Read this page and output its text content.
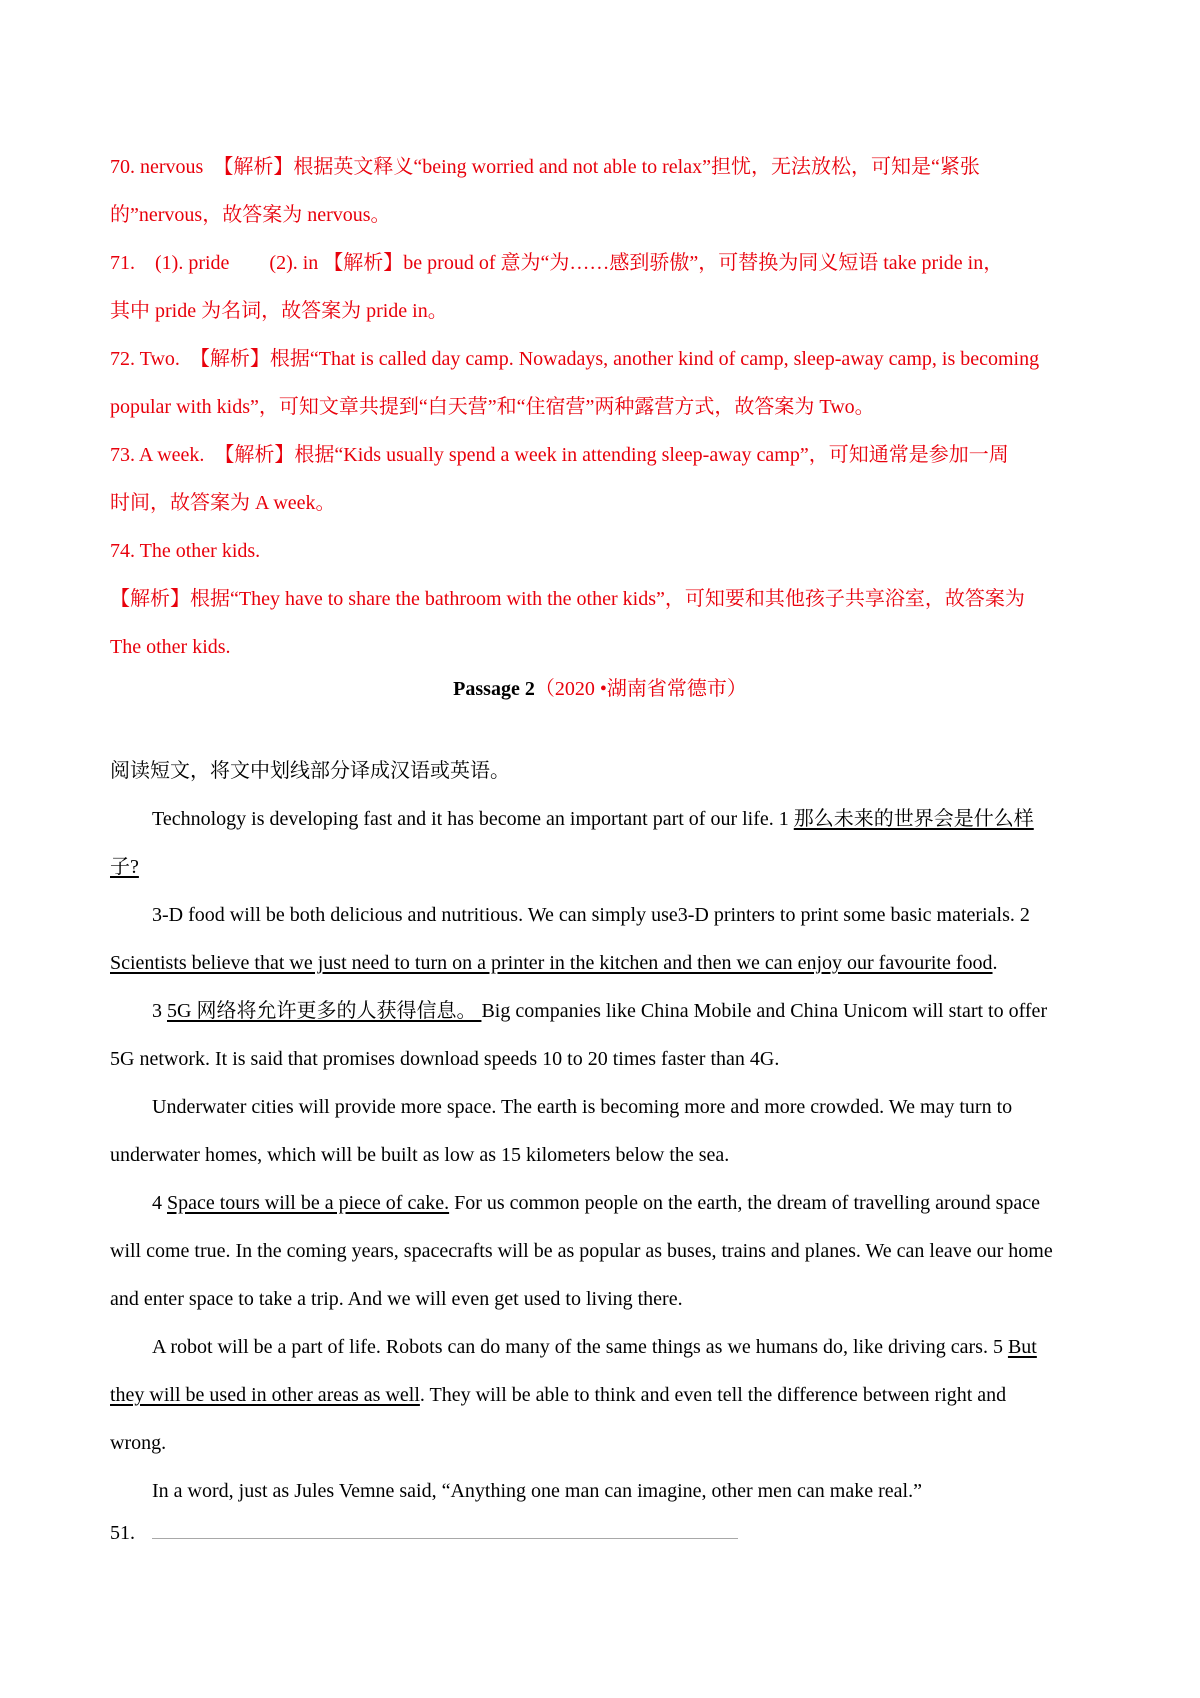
70. nervous　【解析】根据英文释义“being worried and not able to relax”担忧，无法放松，可知是“紧张
的”nervous，故答案为 nervous。
71.　(1). pride　　(2). in 【解析】be proud of 意为“为……感到骄傲”，可替换为同义短语 take pride in，
其中 pride 为名词，故答案为 pride in。
72. Two.　【解析】根据“That is called day camp. Nowadays, another kind of camp, sleep-away camp, is becoming
popular with kids”，可知文章共提到“白天营”和“住宿营”两种露营方式，故答案为 Two。
73. A week.　【解析】根据“Kids usually spend a week in attending sleep-away camp”，可知通常是参加一周
时间，故答案为 A week。
74. The other kids.
【解析】根据“They have to share the bathroom with the other kids”，可知要和其他孩子共享浴室，故答案为
The other kids.
Passage 2（2020 •湖南省常德市）
阅读短文，将文中划线部分译成汉语或英语。
Technology is developing fast and it has become an important part of our life. 1 那么未来的世界会是什么样
子?
3-D food will be both delicious and nutritious. We can simply use3-D printers to print some basic materials. 2
Scientists believe that we just need to turn on a printer in the kitchen and then we can enjoy our favourite food.
3 5G 网络将允许更多的人获得信息。 Big companies like China Mobile and China Unicom will start to offer
5G network. It is said that promises download speeds 10 to 20 times faster than 4G.
Underwater cities will provide more space. The earth is becoming more and more crowded. We may turn to
underwater homes, which will be built as low as 15 kilometers below the sea.
4 Space tours will be a piece of cake. For us common people on the earth, the dream of travelling around space
will come true. In the coming years, spacecrafts will be as popular as buses, trains and planes. We can leave our home
and enter space to take a trip. And we will even get used to living there.
A robot will be a part of life. Robots can do many of the same things as we humans do, like driving cars. 5 But
they will be used in other areas as well. They will be able to think and even tell the difference between right and
wrong.
In a word, just as Jules Vemne said, “Anything one man can imagine, other men can make real.”
51.
